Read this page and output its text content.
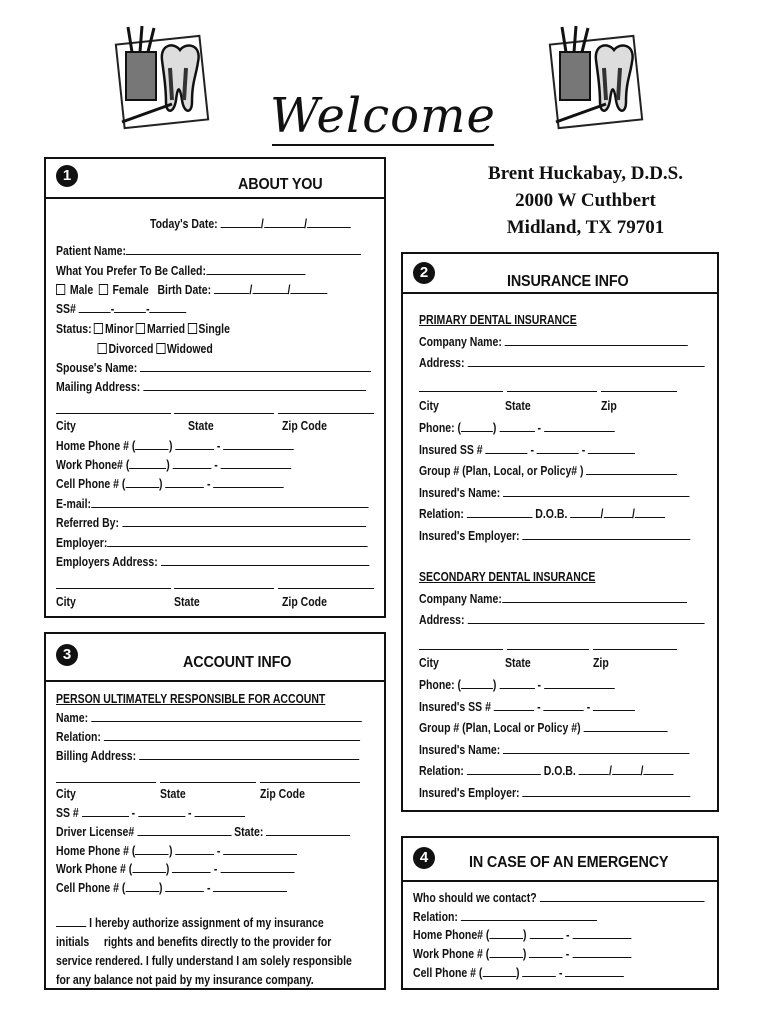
Welcome
Brent Huckabay, D.D.S.
2000 W Cuthbert
Midland, TX 79701
1
ABOUT YOU
Today's Date:	/	/
Patient Name:
What You Prefer To Be Called:
Male Female Birth Date:	/	/
SS#	-	-
Status: Minor Married Single
Divorced Widowed
Spouse's Name:
Mailing Address:
City	State	Zip Code
Home Phone # (	)	-
Work Phone# (	)	-
Cell Phone # (	)	-
E-mail:
Referred By:
Employer:
Employers Address:
City	State	Zip Code
2
INSURANCE INFO
PRIMARY DENTAL INSURANCE
Company Name:
Address:
City	State	Zip
Phone: (	)	-
Insured SS #	-	-
Group # (Plan, Local, or Policy# )
Insured's Name:
Relation:	D.O.B.	/ /
Insured's Employer:
SECONDARY DENTAL INSURANCE
Company Name:
Address:
City	State	Zip
Phone: (	)	-
Insured's SS #	-	-
Group # (Plan, Local or Policy #)
Insured's Name:
Relation:	D.O.B.	/ /
Insured's Employer:
3	ACCOUNT INFO
PERSON ULTIMATELY RESPONSIBLE FOR ACCOUNT
Name:
Relation:
Billing Address:
City	State	Zip Code
SS #	-	-
Driver License#	State:
Home Phone # (	)	-
Work Phone # (	)	-
Cell Phone # (	)	-
I hereby authorize assignment of my insurance
initials rights and benefits directly to the provider for
service rendered. I fully understand I am solely responsible
for any balance not paid by my insurance company.
4	IN CASE OF AN EMERGENCY
Who should we contact?
Relation:
Home Phone# (	)	-
Work Phone # (	)	-
Cell Phone # (	)	-
